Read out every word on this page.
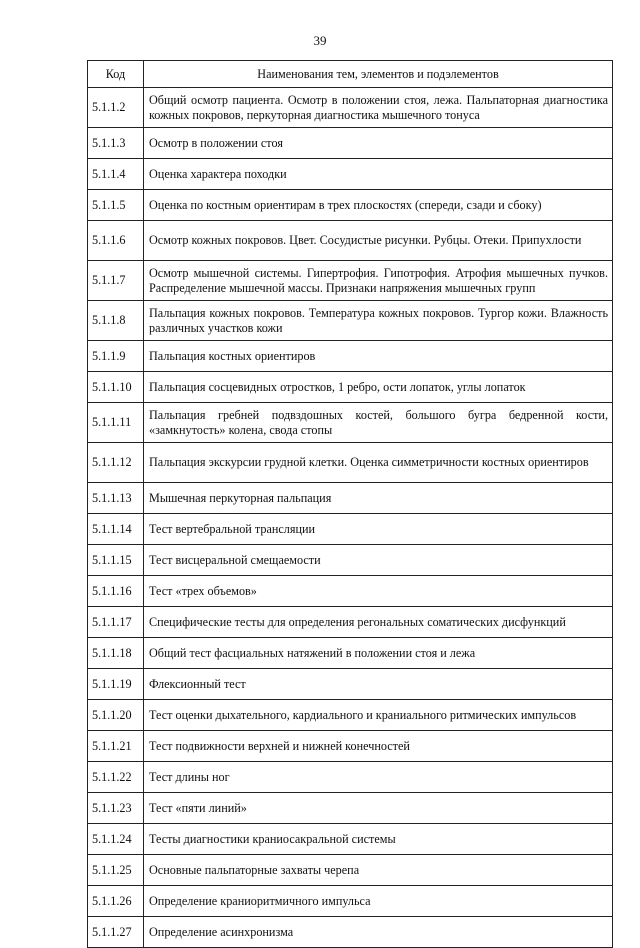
39
Код	Наименования тем, элементов и подэлементов
5.1.1.2	Общий осмотр пациента. Осмотр в положении стоя, лежа. Пальпаторная диагностика кожных покровов, перкуторная диагностика мышечного тонуса
5.1.1.3	Осмотр в положении стоя
5.1.1.4	Оценка характера походки
5.1.1.5	Оценка по костным ориентирам в трех плоскостях (спереди, сзади и сбоку)
5.1.1.6	Осмотр кожных покровов. Цвет. Сосудистые рисунки. Рубцы. Отеки. Припухлости
5.1.1.7	Осмотр мышечной системы. Гипертрофия. Гипотрофия. Атрофия мышечных пучков. Распределение мышечной массы. Признаки напряжения мышечных групп
5.1.1.8	Пальпация кожных покровов. Температура кожных покровов. Тургор кожи. Влажность различных участков кожи
5.1.1.9	Пальпация костных ориентиров
5.1.1.10	Пальпация сосцевидных отростков, 1 ребро, ости лопаток, углы лопаток
5.1.1.11	Пальпация гребней подвздошных костей, большого бугра бедренной кости, «замкнутость» колена, свода стопы
5.1.1.12	Пальпация экскурсии грудной клетки. Оценка симметричности костных ориентиров
5.1.1.13	Мышечная перкуторная пальпация
5.1.1.14	Тест вертебральной трансляции
5.1.1.15	Тест висцеральной смещаемости
5.1.1.16	Тест «трех объемов»
5.1.1.17	Специфические тесты для определения регональных соматических дисфункций
5.1.1.18	Общий тест фасциальных натяжений в положении стоя и лежа
5.1.1.19	Флексионный тест
5.1.1.20	Тест оценки дыхательного, кардиального и краниального ритмических импульсов
5.1.1.21	Тест подвижности верхней и нижней конечностей
5.1.1.22	Тест длины ног
5.1.1.23	Тест «пяти линий»
5.1.1.24	Тесты диагностики краниосакральной системы
5.1.1.25	Основные пальпаторные захваты черепа
5.1.1.26	Определение краниоритмичного импульса
5.1.1.27	Определение асинхронизма
